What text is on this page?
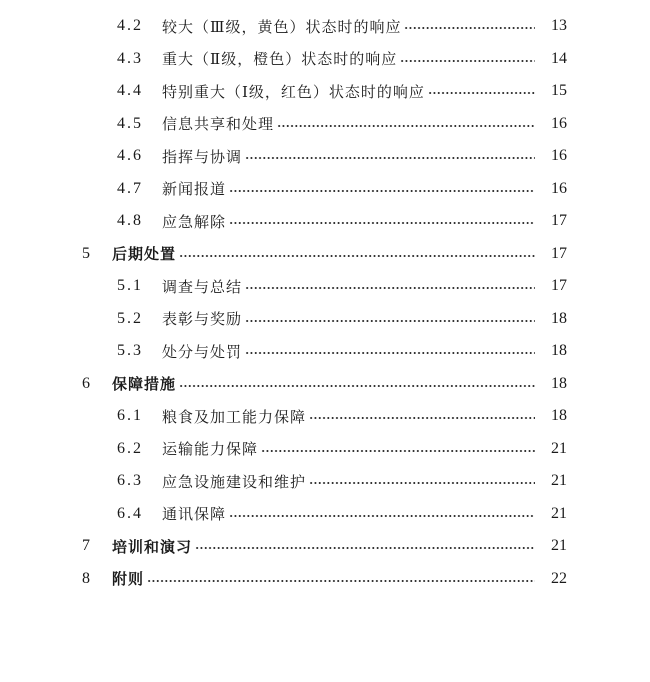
4.2	较大（Ⅲ级，黄色）状态时的响应	13
4.3	重大（Ⅱ级，橙色）状态时的响应	14
4.4	特别重大（Ⅰ级，红色）状态时的响应	15
4.5	信息共享和处理	16
4.6	指挥与协调	16
4.7	新闻报道	16
4.8	应急解除	17
5	后期处置	17
5.1	调查与总结	17
5.2	表彰与奖励	18
5.3	处分与处罚	18
6	保障措施	18
6.1	粮食及加工能力保障	18
6.2	运输能力保障	21
6.3	应急设施建设和维护	21
6.4	通讯保障	21
7	培训和演习	21
8	附则	22
